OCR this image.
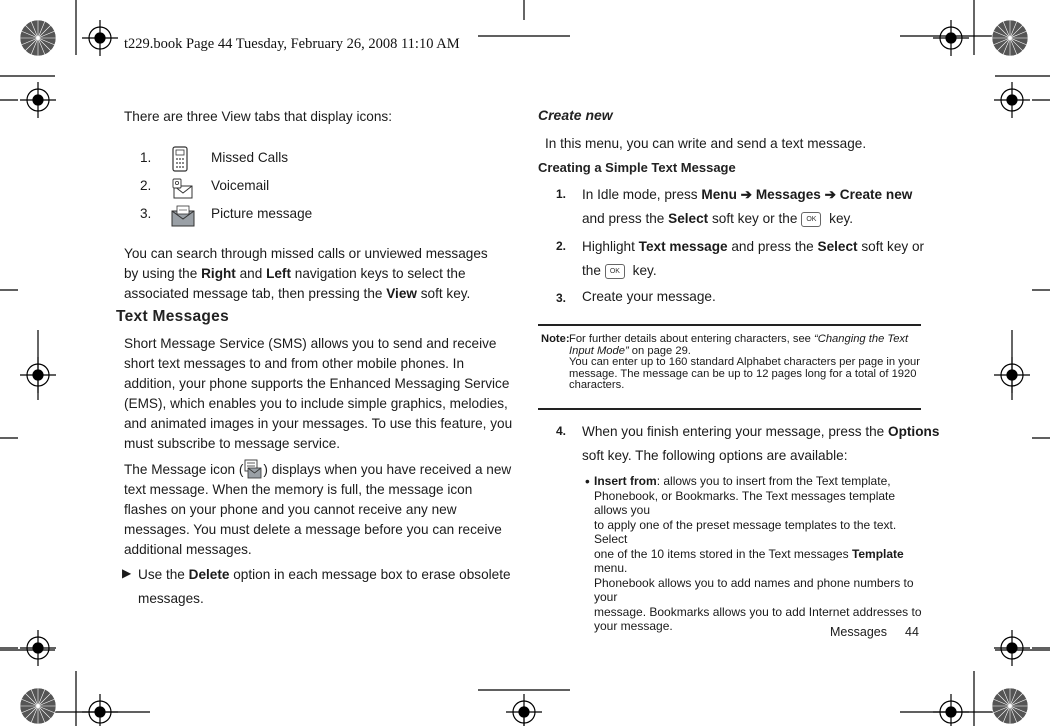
t229.book Page 44 Tuesday, February 26, 2008 11:10 AM
There are three View tabs that display icons:
1.	Missed Calls
2.	Voicemail
3.	Picture message
You can search through missed calls or unviewed messages by using the Right and Left navigation keys to select the associated message tab, then pressing the View soft key.
Text Messages
Short Message Service (SMS) allows you to send and receive
short text messages to and from other mobile phones. In
addition, your phone supports the Enhanced Messaging Service
(EMS), which enables you to include simple graphics, melodies,
and animated images in your messages. To use this feature, you
must subscribe to message service.
The Message icon ( ) displays when you have received a new
text message. When the memory is full, the message icon
flashes on your phone and you cannot receive any new
messages. You must delete a message before you can receive
additional messages.
▶ Use the Delete option in each message box to erase obsolete
messages.
Create new
In this menu, you can write and send a text message.
Creating a Simple Text Message
1. In Idle mode, press Menu ➔ Messages ➔ Create new
and press the Select soft key or the OK key.
2. Highlight Text message and press the Select soft key or
the OK key.
3. Create your message.
Note: For further details about entering characters, see “Changing the Text
Input Mode” on page 29.
You can enter up to 160 standard Alphabet characters per page in your
message. The message can be up to 12 pages long for a total of 1920
characters.
4. When you finish entering your message, press the Options
soft key. The following options are available:
• Insert from: allows you to insert from the Text template,
Phonebook, or Bookmarks. The Text messages template allows you
to apply one of the preset message templates to the text. Select
one of the 10 items stored in the Text messages Template menu.
Phonebook allows you to add names and phone numbers to your
message. Bookmarks allows you to add Internet addresses to
your message.	Messages 44
